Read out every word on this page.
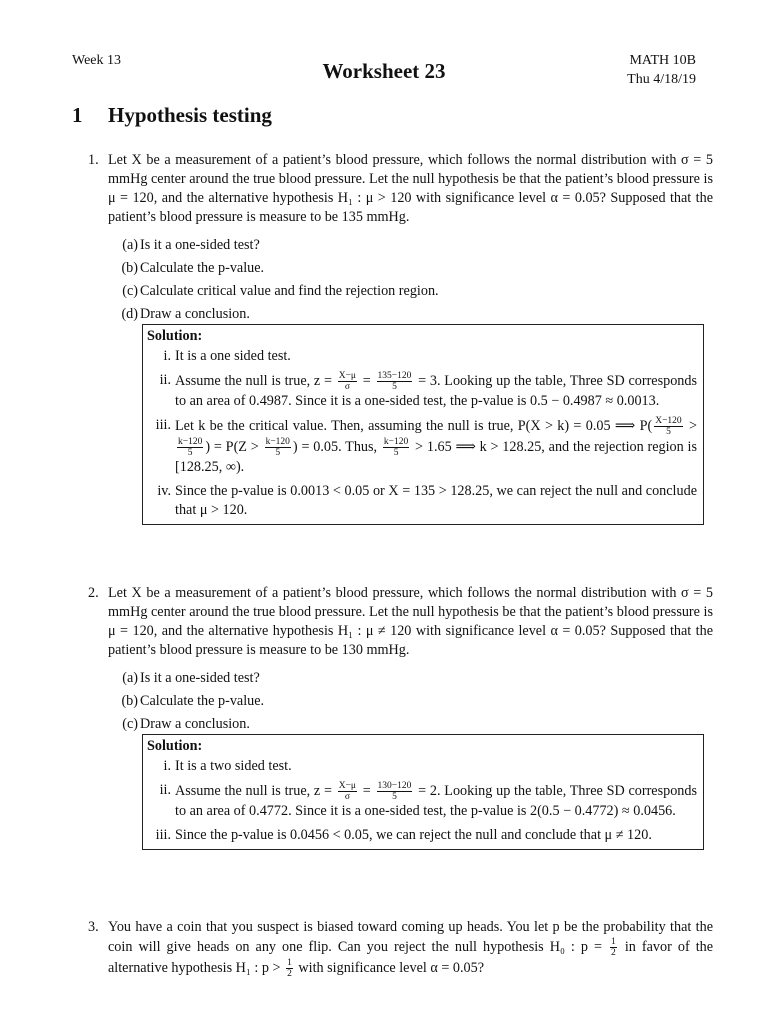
Week 13	Worksheet 23	MATH 10B
Thu 4/18/19
1 Hypothesis testing
1. Let X be a measurement of a patient’s blood pressure, which follows the normal distribution with σ = 5 mmHg center around the true blood pressure. Let the null hypothesis be that the patient’s blood pressure is μ = 120, and the alternative hypothesis H₁ : μ > 120 with significance level α = 0.05? Supposed that the patient’s blood pressure is measure to be 135 mmHg.
(a) Is it a one-sided test?
(b) Calculate the p-value.
(c) Calculate critical value and find the rejection region.
(d) Draw a conclusion.
Solution:
i. It is a one sided test.
ii. Assume the null is true, $z = \frac{X-\mu}{\sigma} = \frac{135-120}{5} = 3$. Looking up the table, Three SD corresponds to an area of 0.4987. Since it is a one-sided test, the p-value is 0.5 − 0.4987 ≈ 0.0013.
iii. Let k be the critical value. Then, assuming the null is true, P(X > k) = 0.05 ⟹ $P( \frac{X-120}{5}$ >
$\frac{k-120}{5}$ ) = $P(Z > \frac{k-120}{5}$ ) = 0.05. Thus, $\frac{k-120}{5} > 1.65$ ⟹ k > 128.25, and the rejection region is [128.25, ∞).
iv. Since the p-value is 0.0013 < 0.05 or X = 135 > 128.25, we can reject the null and conclude that μ > 120.
2. Let X be a measurement of a patient’s blood pressure, which follows the normal distribution with σ = 5 mmHg center around the true blood pressure. Let the null hypothesis be that the patient’s blood pressure is μ = 120, and the alternative hypothesis H₁ : μ ≠ 120 with significance level α = 0.05? Supposed that the patient’s blood pressure is measure to be 130 mmHg.
(a) Is it a one-sided test?
(b) Calculate the p-value.
(c) Draw a conclusion.
Solution:
i. It is a two sided test.
ii. Assume the null is true, $z = \frac{X-\mu}{\sigma} = \frac{130-120}{5} = 2$. Looking up the table, Three SD corresponds to an area of 0.4772. Since it is a one-sided test, the p-value is 2(0.5 − 0.4772) ≈ 0.0456.
iii. Since the p-value is 0.0456 < 0.05, we can reject the null and conclude that μ ≠ 120.
3. You have a coin that you suspect is biased toward coming up heads. You let p be the probability that the coin will give heads on any one flip. Can you reject the null hypothesis H₀ : $p = \frac{1}{2}$ in favor of the alternative hypothesis H₁ : $p > \frac{1}{2}$ with significance level α = 0.05?
